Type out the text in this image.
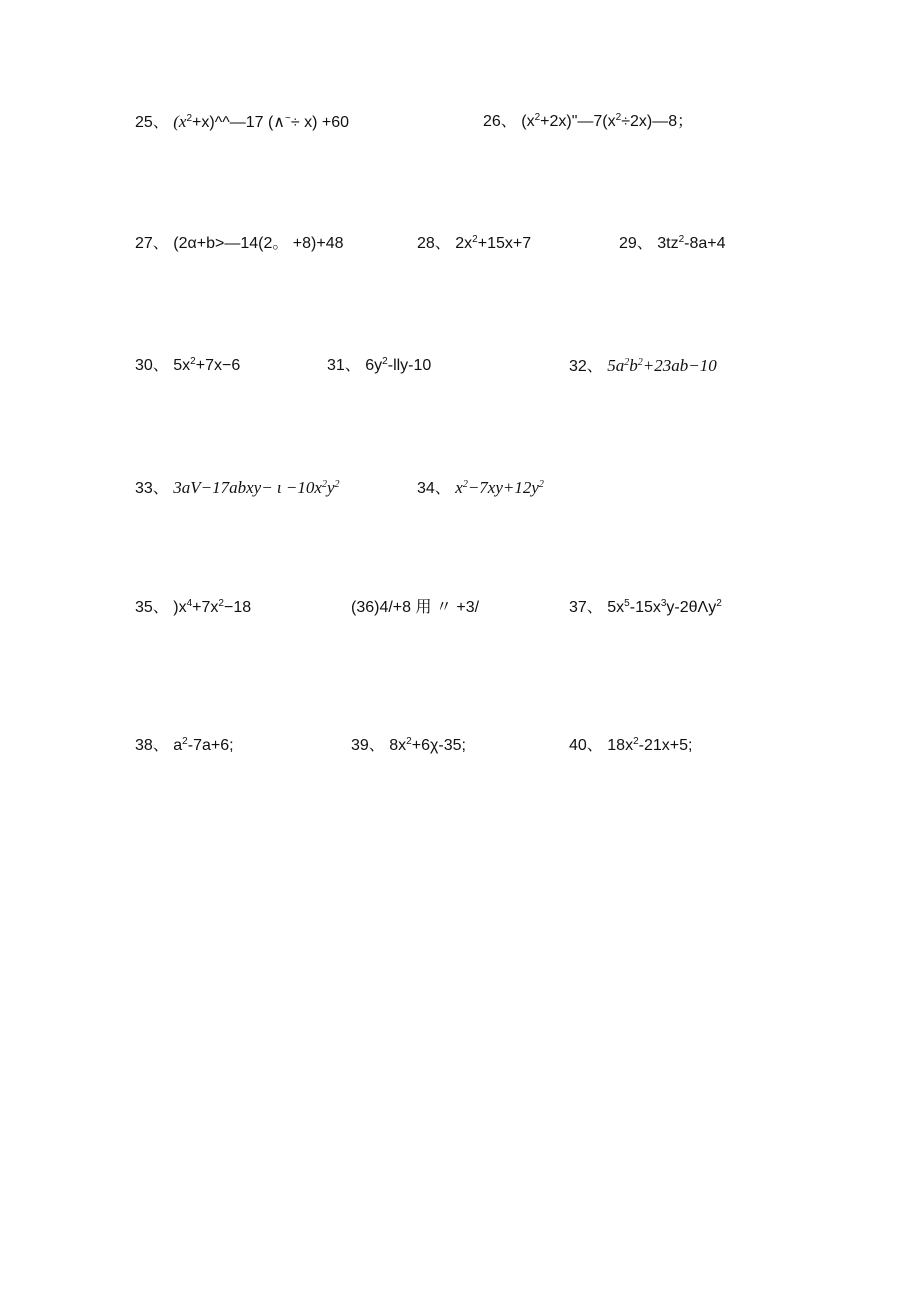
25、 $(x^2+x)\^{}\^{}—17$ (∧~÷ x) +60	26、 $(x^2+2x)"—7(x^2\div 2x)—8$；
27、 (2α+b>—14(2。 +8)+48	28、 $2x^2+15x+7$	29、 $3tz^2-8a+4$
30、 $5x^2+7x-6$	31、 $6y^2-lly-10$	32、 $5a^2b^2+23ab-10$
33、 3aV−17abxy− $\iota -10x^2y^2$	34、 $x^2-7xy+12y^2$
35、 )$x^4+7x^2-18$	(36)4/+8 用 〃 +3/	37、 $5x^5-15x^3y-2\theta\Lambda y^2$
38、 $a^2-7a+6$;	39、 $8x^2+6\chi-35$;	40、 $18x^2-21x+5$;
